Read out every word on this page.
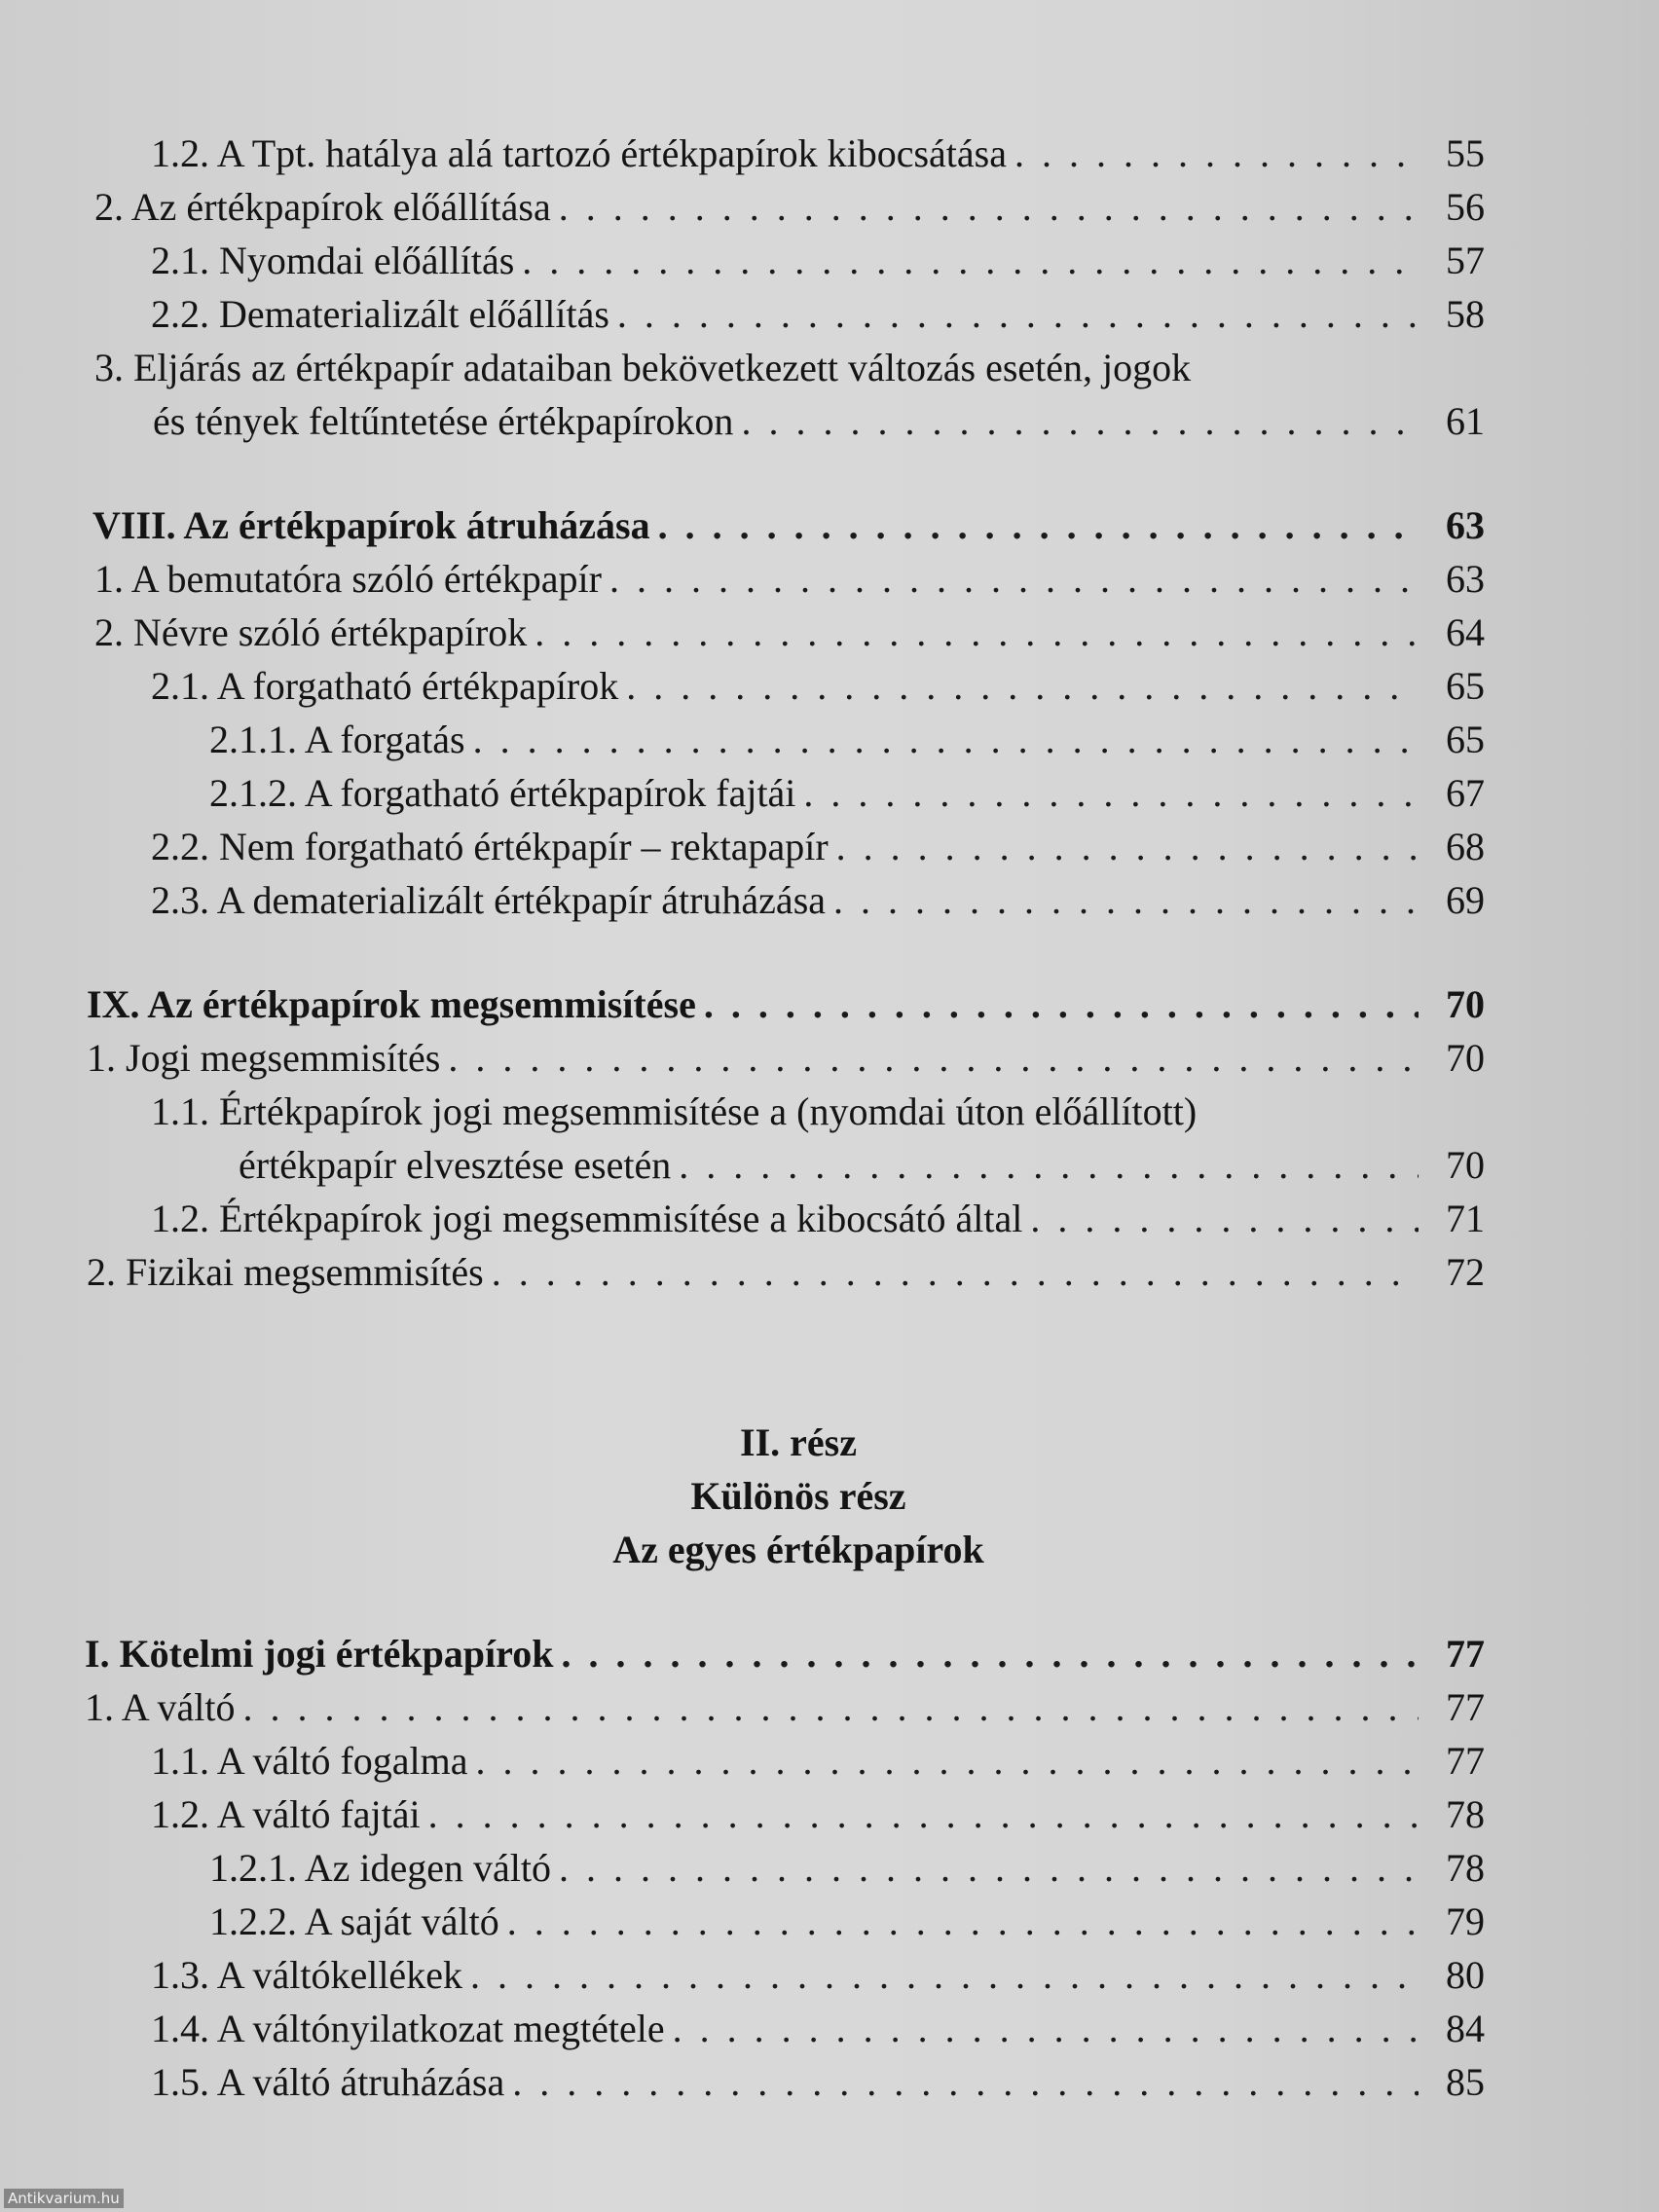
1.2. A Tpt. hatálya alá tartozó értékpapírok kibocsátása . . .	55
2. Az értékpapírok előállítása . . .	56
2.1. Nyomdai előállítás . . .	57
2.2. Dematerializált előállítás . . .	58
3. Eljárás az értékpapír adataiban bekövetkezett változás esetén, jogok
és tények feltűntetése értékpapírokon . . .	61
VIII. Az értékpapírok átruházása . . .	63
1. A bemutatóra szóló értékpapír . . .	63
2. Névre szóló értékpapírok . . .	64
2.1. A forgatható értékpapírok . . .	65
2.1.1. A forgatás . . .	65
2.1.2. A forgatható értékpapírok fajtái . . .	67
2.2. Nem forgatható értékpapír – rektapapír . . .	68
2.3. A dematerializált értékpapír átruházása . . .	69
IX. Az értékpapírok megsemmisítése . . .	70
1. Jogi megsemmisítés . . .	70
1.1. Értékpapírok jogi megsemmisítése a (nyomdai úton előállított)
értékpapír elvesztése esetén . . .	70
1.2. Értékpapírok jogi megsemmisítése a kibocsátó által . . .	71
2. Fizikai megsemmisítés . . .	72
II. rész
Különös rész
Az egyes értékpapírok
I. Kötelmi jogi értékpapírok . . .	77
1. A váltó . . .	77
1.1. A váltó fogalma . . .	77
1.2. A váltó fajtái . . .	78
1.2.1. Az idegen váltó . . .	78
1.2.2. A saját váltó . . .	79
1.3. A váltókellékek . . .	80
1.4. A váltónyilatkozat megtétele . . .	84
1.5. A váltó átruházása . . .	85
Antikvarium.hu
